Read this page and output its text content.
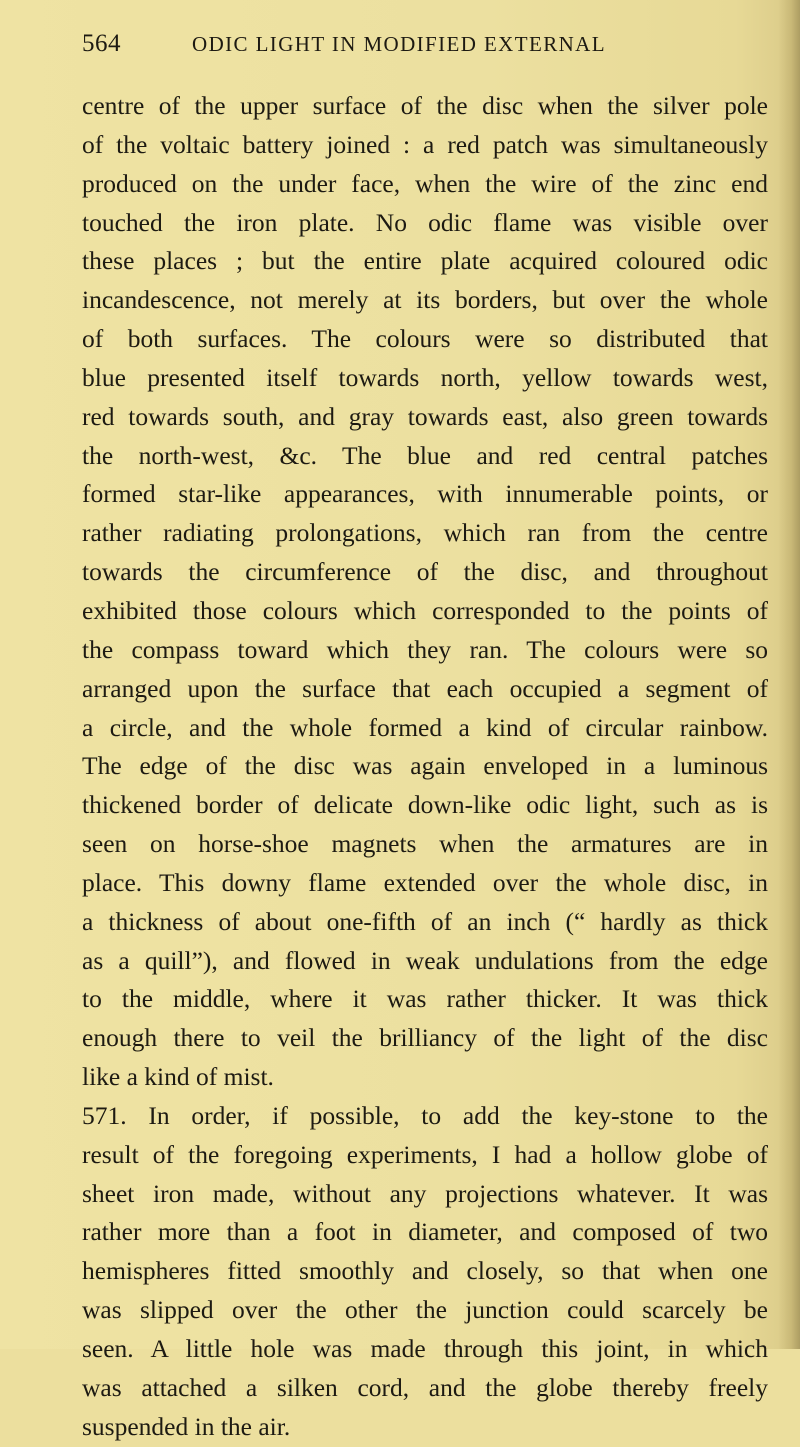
564	ODIC LIGHT IN MODIFIED EXTERNAL
centre of the upper surface of the disc when the silver pole
of the voltaic battery joined : a red patch was simultaneously
produced on the under face, when the wire of the zinc end
touched the iron plate. No odic flame was visible over
these places ; but the entire plate acquired coloured odic
incandescence, not merely at its borders, but over the whole
of both surfaces. The colours were so distributed that
blue presented itself towards north, yellow towards west,
red towards south, and gray towards east, also green towards
the north-west, &c. The blue and red central patches
formed star-like appearances, with innumerable points, or
rather radiating prolongations, which ran from the centre
towards the circumference of the disc, and throughout
exhibited those colours which corresponded to the points of
the compass toward which they ran. The colours were so
arranged upon the surface that each occupied a segment of
a circle, and the whole formed a kind of circular rainbow.
The edge of the disc was again enveloped in a luminous
thickened border of delicate down-like odic light, such as is
seen on horse-shoe magnets when the armatures are in
place. This downy flame extended over the whole disc, in
a thickness of about one-fifth of an inch (“ hardly as thick
as a quill”), and flowed in weak undulations from the edge
to the middle, where it was rather thicker. It was thick
enough there to veil the brilliancy of the light of the disc
like a kind of mist.
571. In order, if possible, to add the key-stone to the
result of the foregoing experiments, I had a hollow globe of
sheet iron made, without any projections whatever. It was
rather more than a foot in diameter, and composed of two
hemispheres fitted smoothly and closely, so that when one
was slipped over the other the junction could scarcely be
seen. A little hole was made through this joint, in which
was attached a silken cord, and the globe thereby freely
suspended in the air.
